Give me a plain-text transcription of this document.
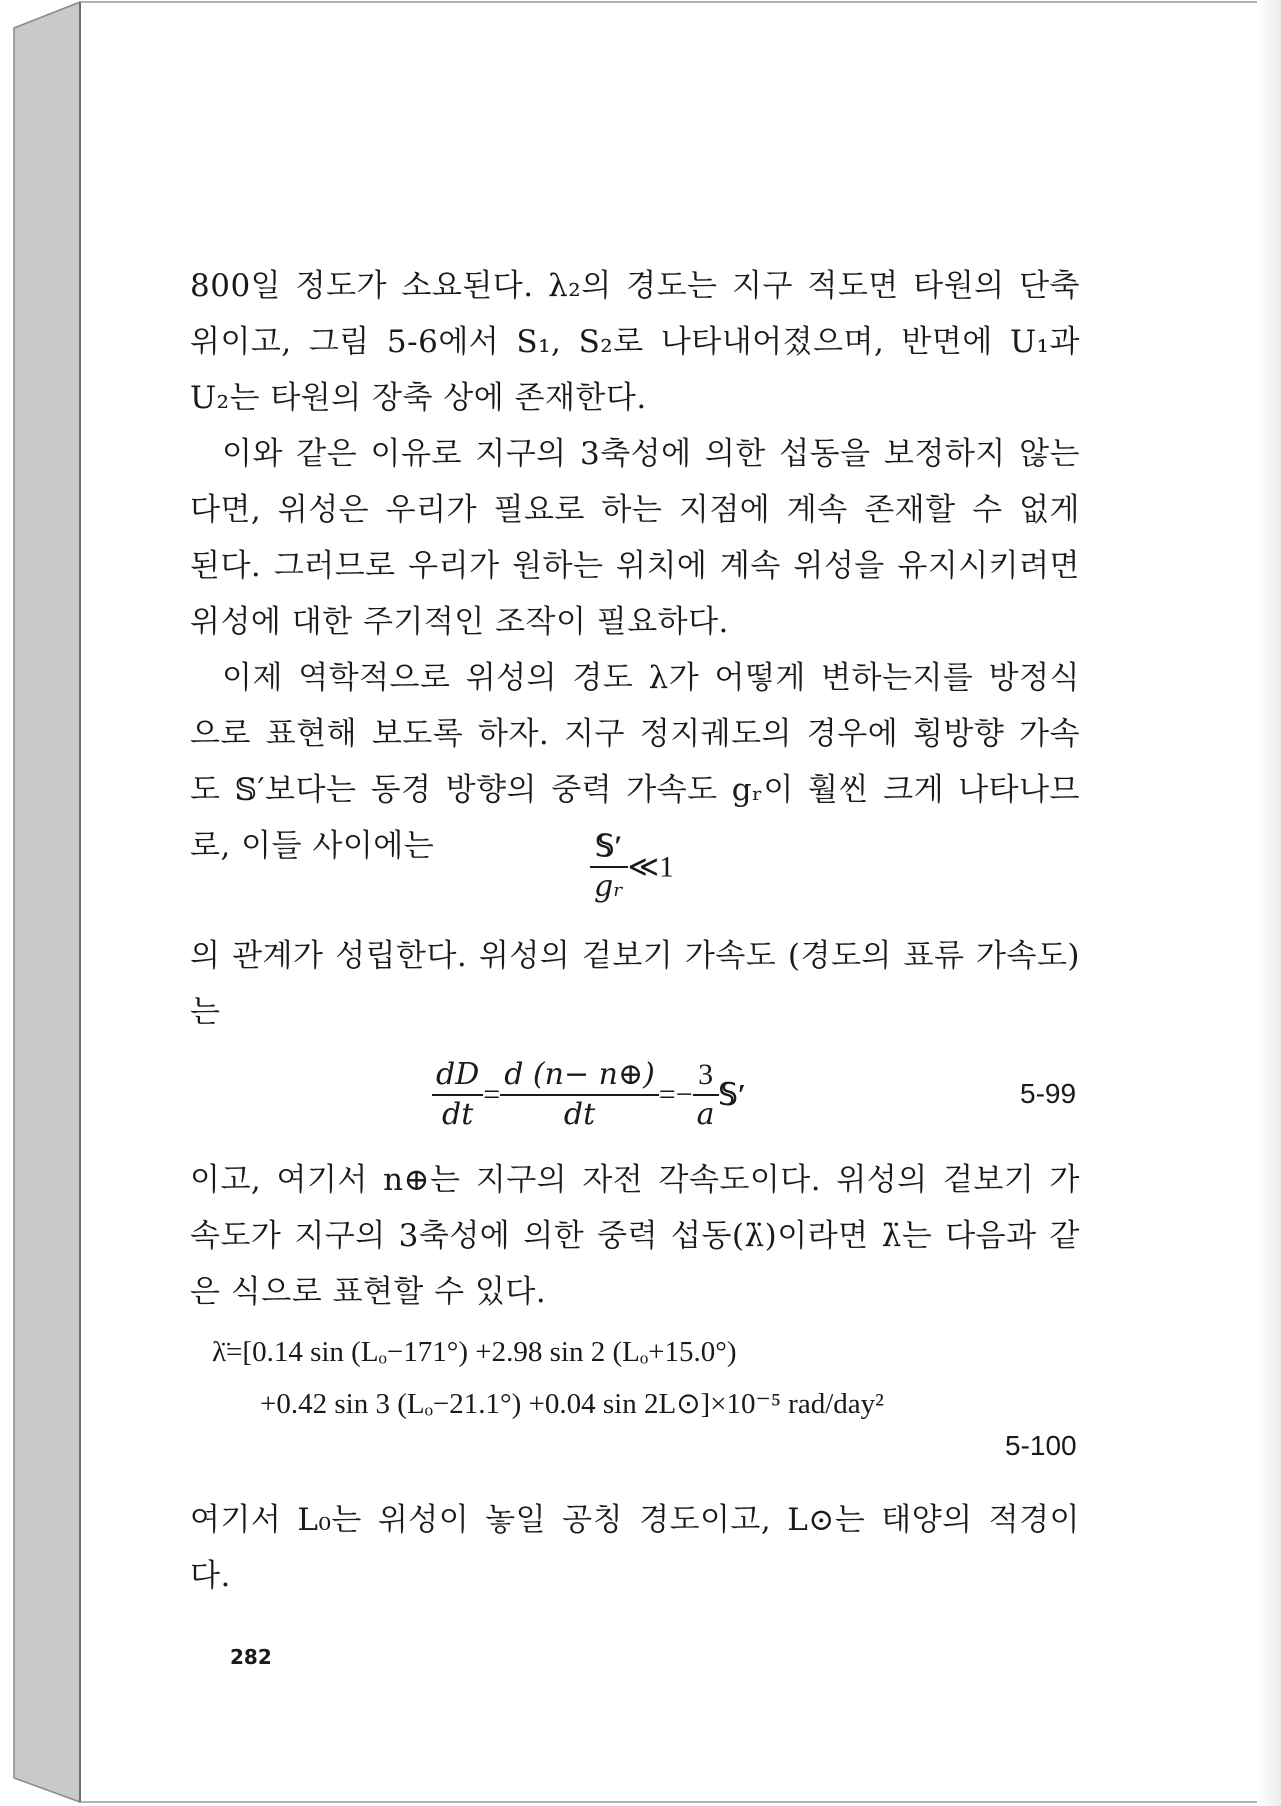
800일 정도가 소요된다. λ₂의 경도는 지구 적도면 타원의 단축
위이고, 그림 5-6에서 S₁, S₂로 나타내어졌으며, 반면에 U₁과
U₂는 타원의 장축 상에 존재한다.
이와 같은 이유로 지구의 3축성에 의한 섭동을 보정하지 않는
다면, 위성은 우리가 필요로 하는 지점에 계속 존재할 수 없게
된다. 그러므로 우리가 원하는 위치에 계속 위성을 유지시키려면
위성에 대한 주기적인 조작이 필요하다.
이제 역학적으로 위성의 경도 λ가 어떻게 변하는지를 방정식
으로 표현해 보도록 하자. 지구 정지궤도의 경우에 횡방향 가속
도 𝕊′보다는 동경 방향의 중력 가속도 gᵣ이 훨씬 크게 나타나므
로, 이들 사이에는	$\frac{\text{𝕊′}}{\text{gᵣ}}$ ≪1
의 관계가 성립한다. 위성의 겉보기 가속도 (경도의 표류 가속도)
는
$\frac{dD}{dt} = \frac{d (n- n\oplus)}{dt} =- \frac{3}{a}$ 𝕊′	5-99
이고, 여기서 n⊕는 지구의 자전 각속도이다. 위성의 겉보기 가
속도가 지구의 3축성에 의한 중력 섭동(λ̈)이라면 λ̈는 다음과 같
은 식으로 표현할 수 있다.
λ̈=[0.14 sin (Lₒ−171°) +2.98 sin 2 (Lₒ+15.0°)
+0.42 sin 3 (Lₒ−21.1°) +0.04 sin 2L⊙]×10⁻⁵ rad/day²
5-100
여기서 L₀는 위성이 놓일 공칭 경도이고, L⊙는 태양의 적경이
다.
282
